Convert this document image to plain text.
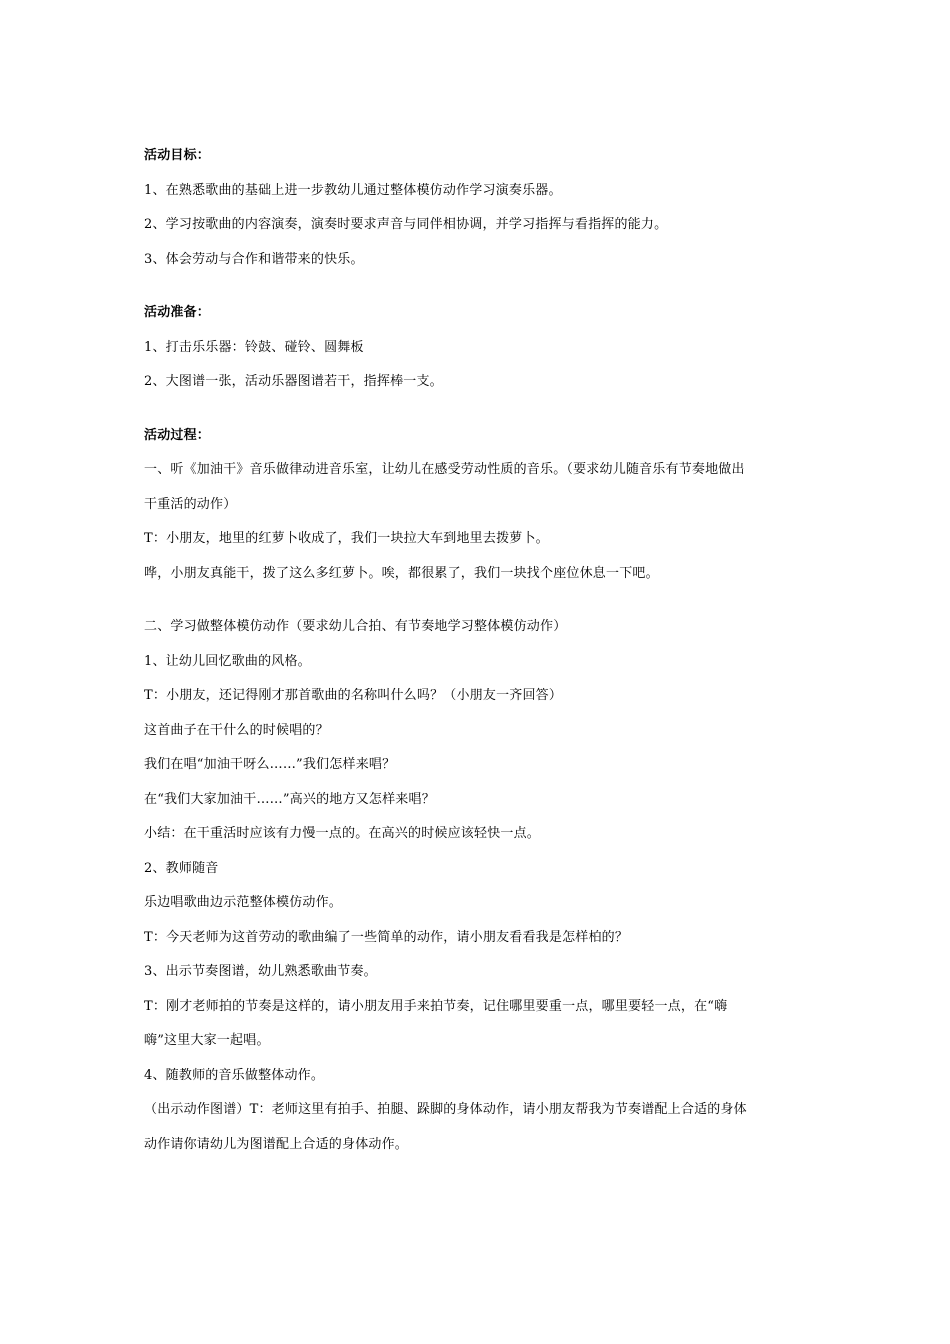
活动目标：
1、在熟悉歌曲的基础上进一步教幼儿通过整体模仿动作学习演奏乐器。
2、学习按歌曲的内容演奏，演奏时要求声音与同伴相协调，并学习指挥与看指挥的能力。
3、体会劳动与合作和谐带来的快乐。
活动准备：
1、打击乐乐器：铃鼓、碰铃、圆舞板
2、大图谱一张，活动乐器图谱若干，指挥棒一支。
活动过程：
一、听《加油干》音乐做律动进音乐室，让幼儿在感受劳动性质的音乐。（要求幼儿随音乐有节奏地做出
干重活的动作）
T：小朋友，地里的红萝卜收成了，我们一块拉大车到地里去拨萝卜。
哗，小朋友真能干，拨了这么多红萝卜。唉，都很累了，我们一块找个座位休息一下吧。
二、学习做整体模仿动作（要求幼儿合拍、有节奏地学习整体模仿动作）
1、让幼儿回忆歌曲的风格。
T：小朋友，还记得刚才那首歌曲的名称叫什么吗？（小朋友一齐回答）
这首曲子在干什么的时候唱的？
我们在唱“加油干呀么……”我们怎样来唱？
在“我们大家加油干……”高兴的地方又怎样来唱？
小结：在干重活时应该有力慢一点的。在高兴的时候应该轻快一点。
2、教师随音
乐边唱歌曲边示范整体模仿动作。
T：今天老师为这首劳动的歌曲编了一些简单的动作，请小朋友看看我是怎样柏的？
3、出示节奏图谱，幼儿熟悉歌曲节奏。
T：刚才老师拍的节奏是这样的，请小朋友用手来拍节奏，记住哪里要重一点，哪里要轻一点，在“嗨
嗨”这里大家一起唱。
4、随教师的音乐做整体动作。
（出示动作图谱）T：老师这里有拍手、拍腿、跺脚的身体动作，请小朋友帮我为节奏谱配上合适的身体
动作请你请幼儿为图谱配上合适的身体动作。
